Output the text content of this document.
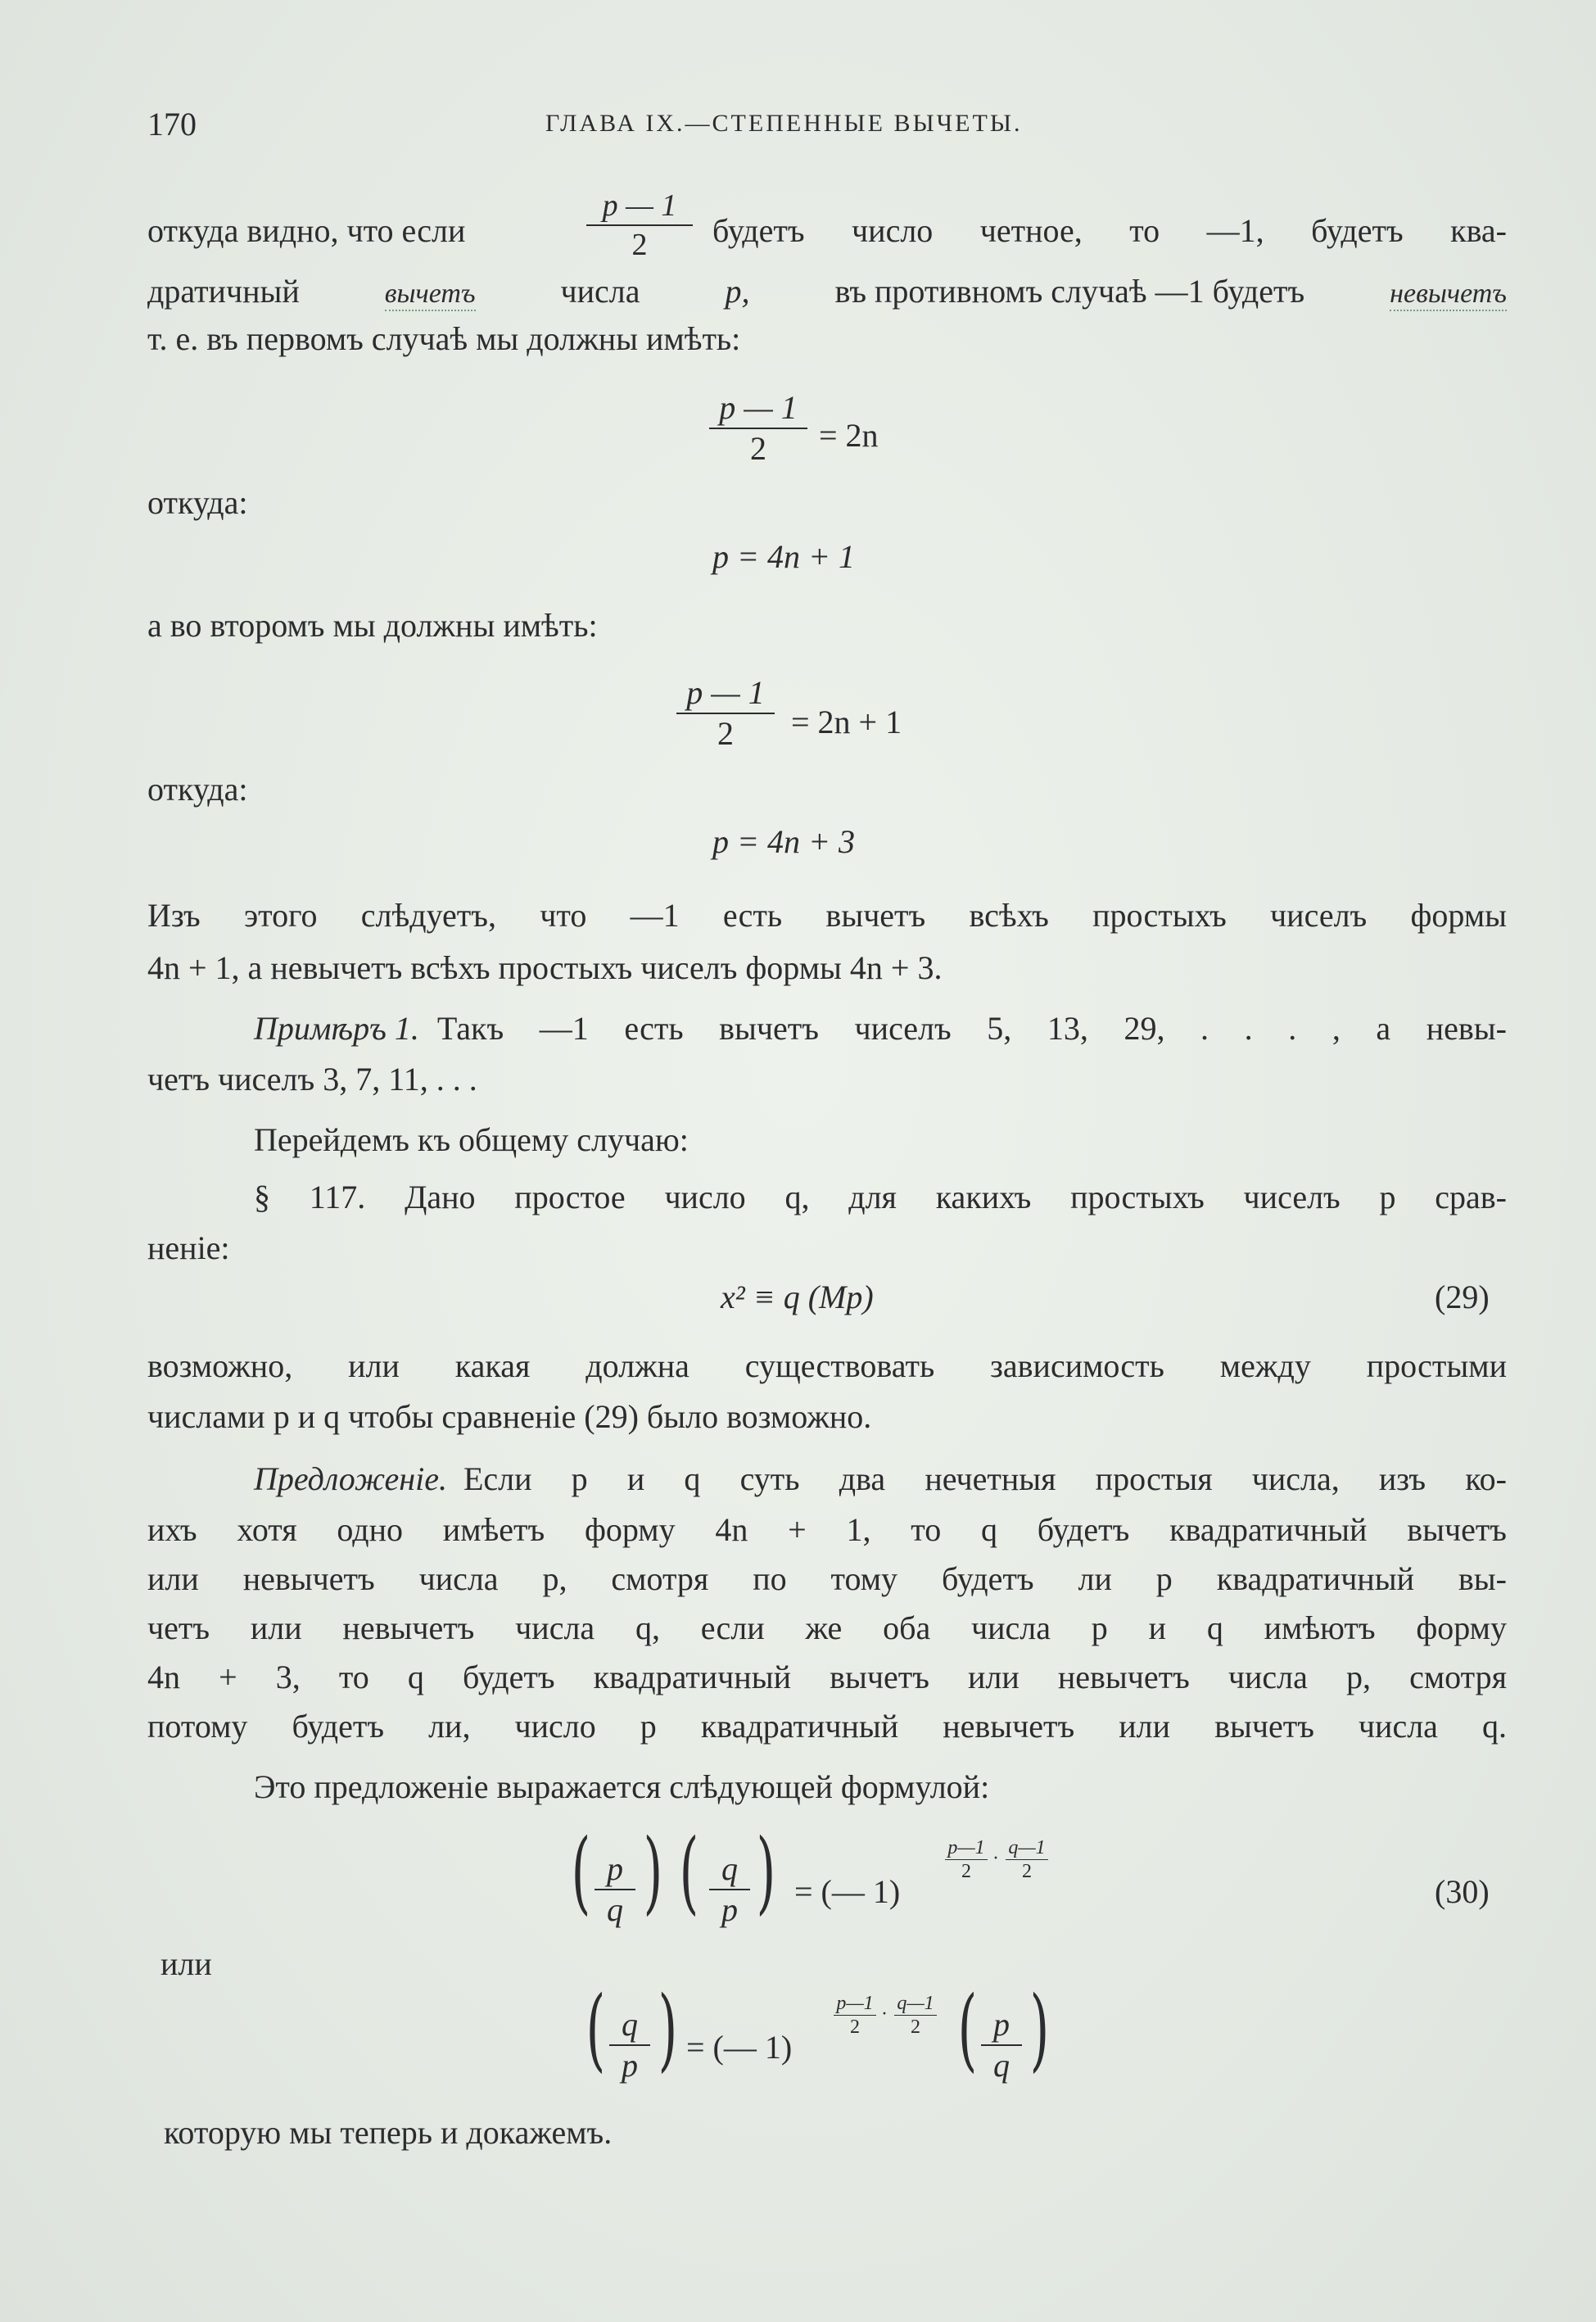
170	ГЛАВА IX.—СТЕПЕННЫЕ ВЫЧЕТЫ.
откуда видно, что если
p — 1
2	будетъ число четное, то —1, будетъ ква-
дратичный	вычетъ	числа	p,	въ противномъ случаѣ —1 будетъ	невычетъ
т. е. въ первомъ случаѣ мы должны имѣть:
p — 1
2	= 2n
откуда:
p = 4n + 1
а во второмъ мы должны имѣть:
p — 1
2	= 2n + 1
откуда:
p = 4n + 3
Изъ этого слѣдуетъ, что —1 есть вычетъ всѣхъ простыхъ чиселъ формы
4n + 1, а невычетъ всѣхъ простыхъ чиселъ формы 4n + 3.
Примѣръ 1. Такъ —1 есть вычетъ чиселъ 5, 13, 29, . . . , а невы-
четъ чиселъ 3, 7, 11, . . .
Перейдемъ къ общему случаю:
§ 117. Дано простое число q, для какихъ простыхъ чиселъ p срав-
неніе:
x² ≡ q (Mp)	(29)
возможно, или какая должна существовать зависимость между простыми
числами p и q чтобы сравненіе (29) было возможно.
Предложеніе. Если p и q суть два нечетныя простыя числа, изъ ко-
ихъ хотя одно имѣетъ форму 4n + 1, то q будетъ квадратичный вычетъ
или невычетъ числа p, смотря по тому будетъ ли p квадратичный вы-
четъ или невычетъ числа q, если же оба числа p и q имѣютъ форму
4n + 3, то q будетъ квадратичный вычетъ или невычетъ числа p, смотря
потому будетъ ли, число p квадратичный невычетъ или вычетъ числа q.
Это предложеніе выражается слѣдующей формулой:
( p
q ) ( q
p ) = (— 1)
p—1
2
· q—1
2
(30)
или
( q
p ) = (— 1)
p—1
2
· q—1
2 ( p
q )
которую мы теперь и докажемъ.
